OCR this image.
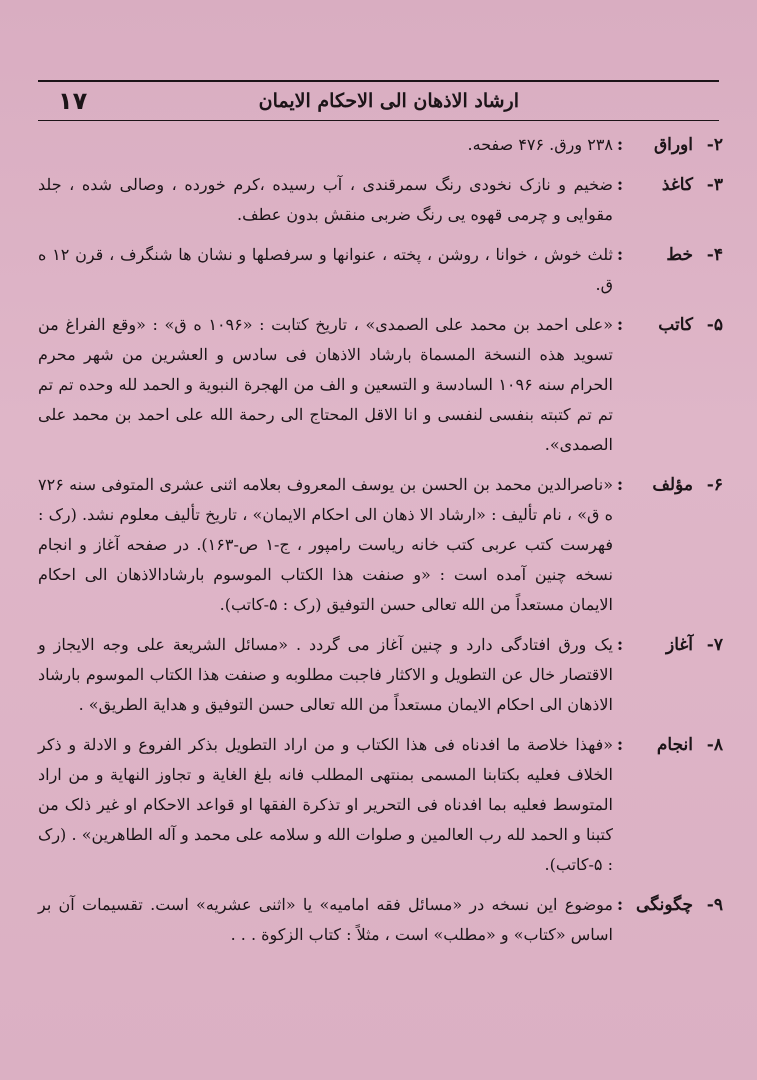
۱۷	ارشاد الاذهان الی الاحکام الایمان
۲-
اوراق
:
۲۳۸ ورق. ۴۷۶ صفحه.
۳-
کاغذ
:
ضخیم و نازک نخودی رنگ سمرقندی ، آب رسیده ،کرم خورده ، وصالی شده ، جلد مقوایی و چرمی قهوه یی رنگ ضربی منقش بدون عطف.
۴-
خط
:
ثلث خوش ، خوانا ، روشن ، پخته ، عنوانها و سرفصلها و نشان ها شنگرف ، قرن ۱۲ ه ق.
۵-
کاتب
:
«علی احمد بن محمد علی الصمدی» ، تاریخ کتابت : «۱۰۹۶ ه ق» : «وقع الفراغ من تسوید هذه النسخة المسماة بارشاد الاذهان فی سادس و العشرین من شهر محرم الحرام سنه ۱۰۹۶ السادسة و التسعین و الف من الهجرة النبویة و الحمد لله وحده تم تم تم تم کتبته بنفسی لنفسی و انا الاقل المحتاج الی رحمة الله علی احمد بن محمد علی الصمدی».
۶-
مؤلف
:
«ناصرالدین محمد بن الحسن بن یوسف المعروف بعلامه اثنی عشری المتوفی سنه ۷۲۶ ه ق» ، نام تألیف : «ارشاد الا ذهان الی احکام الایمان» ، تاریخ تألیف معلوم نشد. (رک : فهرست کتب عربی کتب خانه ریاست رامپور ، ج-۱ ص-۱۶۳). در صفحه آغاز و انجام نسخه چنین آمده است : «و صنفت هذا الکتاب الموسوم بارشادالاذهان الی احکام الایمان مستعداً من الله تعالی حسن التوفیق (رک : ۵-کاتب).
۷-
آغاز
:
یک ورق افتادگی دارد و چنین آغاز می گردد . «مسائل الشریعة علی وجه الایجاز و الاقتصار خال عن التطویل و الاکثار فاجبت مطلوبه و صنفت هذا الکتاب الموسوم بارشاد الاذهان الی احکام الایمان مستعداً من الله تعالی حسن التوفیق و هدایة الطریق» .
۸-
انجام
:
«فهذا خلاصة ما افدناه فی هذا الکتاب و من اراد التطویل بذکر الفروع و الادلة و ذکر الخلاف فعلیه بکتابنا المسمی بمنتهی المطلب فانه بلغ الغایة و تجاوز النهایة و من اراد المتوسط فعلیه بما افدناه فی التحریر او تذکرة الفقها او قواعد الاحکام او غیر ذلک من کتبنا و الحمد لله رب العالمین و صلوات الله و سلامه علی محمد و آله الطاهرین» . (رک : ۵-کاتب).
۹-
چگونگی
:
موضوع این نسخه در «مسائل فقه امامیه» یا «اثنی عشریه» است. تقسیمات آن بر اساس «کتاب» و «مطلب» است ، مثلاً : کتاب الزکوة . . .
